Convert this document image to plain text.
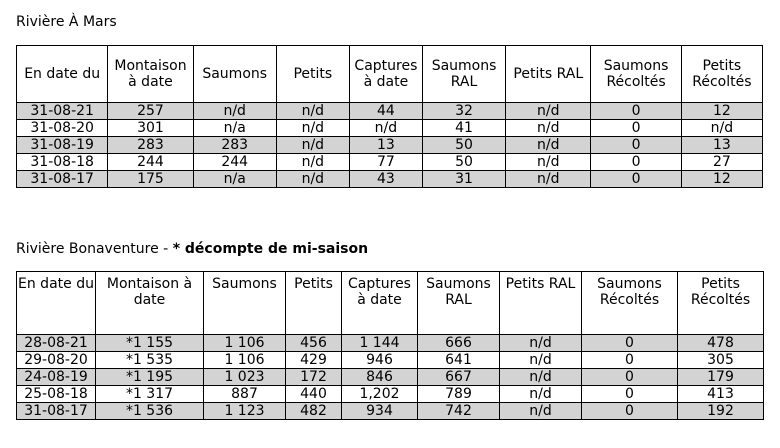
Rivière À Mars
En date du	Montaison à date	Saumons	Petits	Captures à date	Saumons RAL	Petits RAL	Saumons Récoltés	Petits Récoltés
31-08-21	257	n/d	n/d	44	32	n/d	0	12
31-08-20	301	n/a	n/d	n/d	41	n/d	0	n/d
31-08-19	283	283	n/d	13	50	n/d	0	13
31-08-18	244	244	n/d	77	50	n/d	0	27
31-08-17	175	n/a	n/d	43	31	n/d	0	12
Rivière Bonaventure - * décompte de mi-saison
En date du	Montaison à date	Saumons	Petits	Captures à date	Saumons RAL	Petits RAL	Saumons Récoltés	Petits Récoltés
28-08-21	*1 155	1 106	456	1 144	666	n/d	0	478
29-08-20	*1 535	1 106	429	946	641	n/d	0	305
24-08-19	*1 195	1 023	172	846	667	n/d	0	179
25-08-18	*1 317	887	440	1,202	789	n/d	0	413
31-08-17	*1 536	1 123	482	934	742	n/d	0	192
